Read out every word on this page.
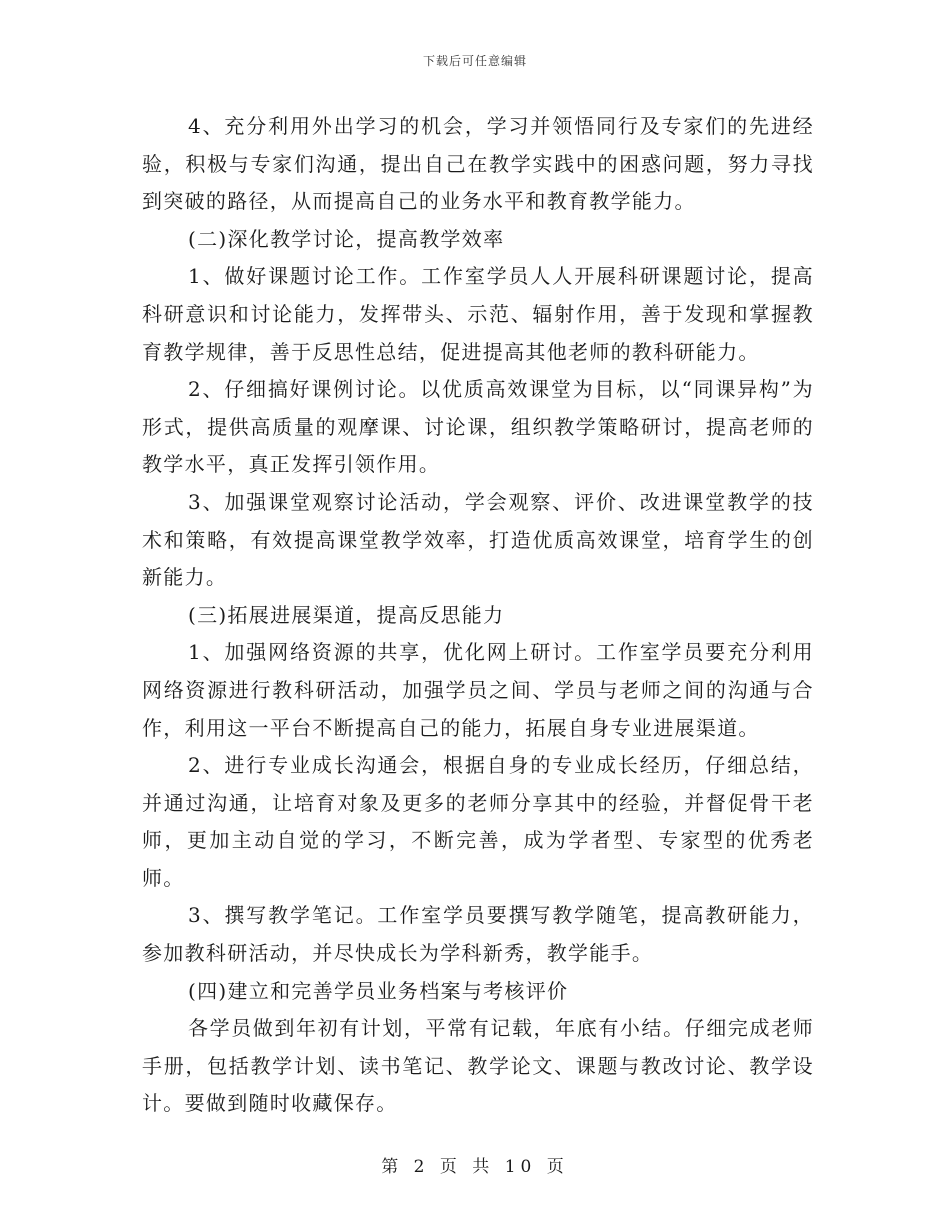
下载后可任意编辑

4、充分利用外出学习的机会，学习并领悟同行及专家们的先进经验，积极与专家们沟通，提出自己在教学实践中的困惑问题，努力寻找到突破的路径，从而提高自己的业务水平和教育教学能力。

(二)深化教学讨论，提高教学效率

1、做好课题讨论工作。工作室学员人人开展科研课题讨论，提高科研意识和讨论能力，发挥带头、示范、辐射作用，善于发现和掌握教育教学规律，善于反思性总结，促进提高其他老师的教科研能力。

2、仔细搞好课例讨论。以优质高效课堂为目标，以“同课异构”为形式，提供高质量的观摩课、讨论课，组织教学策略研讨，提高老师的教学水平，真正发挥引领作用。

3、加强课堂观察讨论活动，学会观察、评价、改进课堂教学的技术和策略，有效提高课堂教学效率，打造优质高效课堂，培育学生的创新能力。

(三)拓展进展渠道，提高反思能力

1、加强网络资源的共享，优化网上研讨。工作室学员要充分利用网络资源进行教科研活动，加强学员之间、学员与老师之间的沟通与合作，利用这一平台不断提高自己的能力，拓展自身专业进展渠道。

2、进行专业成长沟通会，根据自身的专业成长经历，仔细总结，并通过沟通，让培育对象及更多的老师分享其中的经验，并督促骨干老师，更加主动自觉的学习，不断完善，成为学者型、专家型的优秀老师。

3、撰写教学笔记。工作室学员要撰写教学随笔，提高教研能力，参加教科研活动，并尽快成长为学科新秀，教学能手。

(四)建立和完善学员业务档案与考核评价

各学员做到年初有计划，平常有记载，年底有小结。仔细完成老师手册，包括教学计划、读书笔记、教学论文、课题与教改讨论、教学设计。要做到随时收藏保存。

第 2 页 共 10 页
